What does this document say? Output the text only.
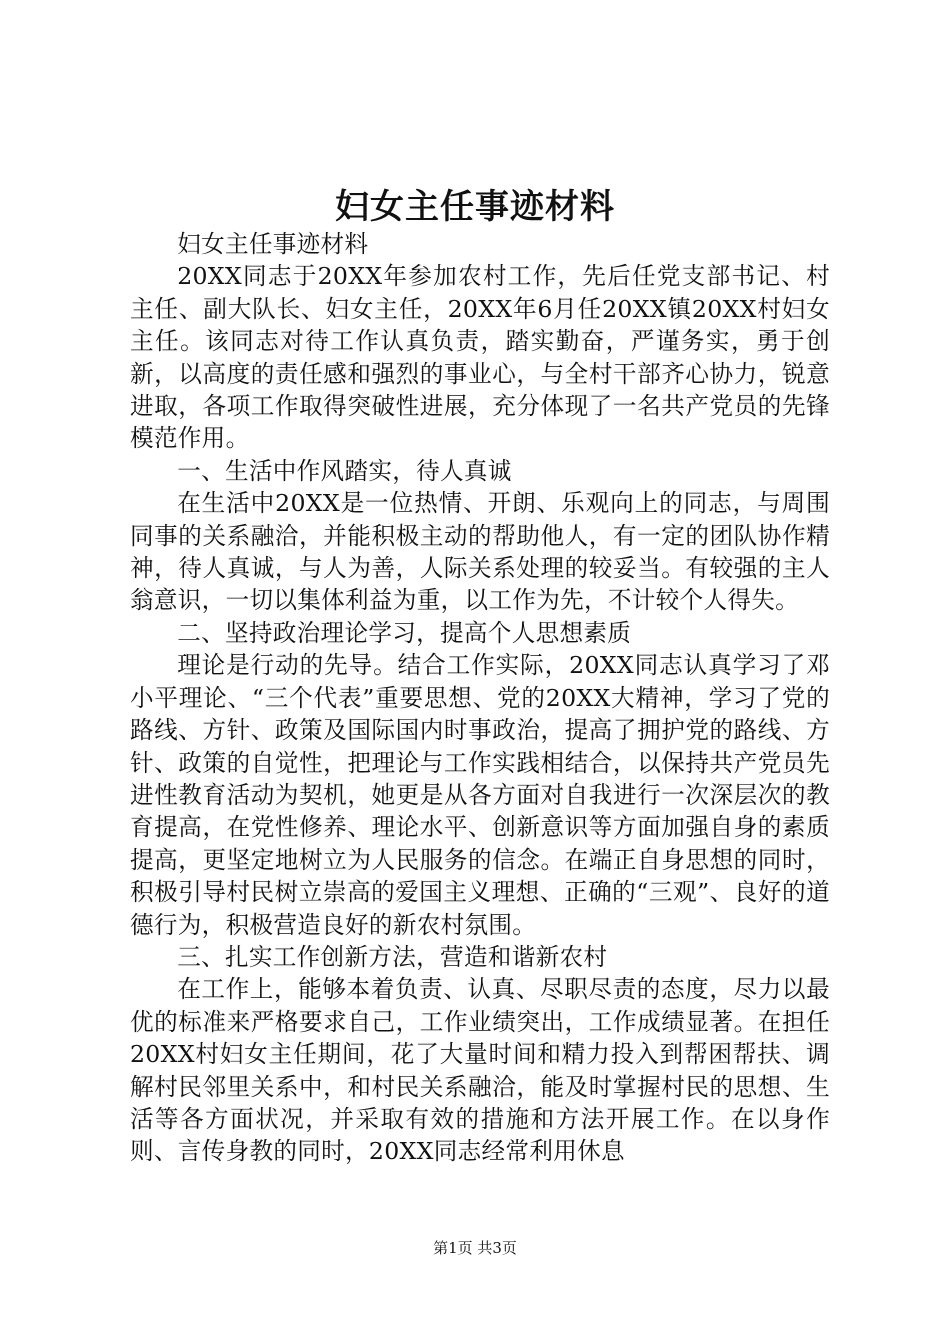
妇女主任事迹材料

妇女主任事迹材料

20XX同志于20XX年参加农村工作，先后任党支部书记、村主任、副大队长、妇女主任，20XX年6月任20XX镇20XX村妇女主任。该同志对待工作认真负责，踏实勤奋，严谨务实，勇于创新，以高度的责任感和强烈的事业心，与全村干部齐心协力，锐意进取，各项工作取得突破性进展，充分体现了一名共产党员的先锋模范作用。

一、生活中作风踏实，待人真诚

在生活中20XX是一位热情、开朗、乐观向上的同志，与周围同事的关系融洽，并能积极主动的帮助他人，有一定的团队协作精神，待人真诚，与人为善，人际关系处理的较妥当。有较强的主人翁意识，一切以集体利益为重，以工作为先，不计较个人得失。

二、坚持政治理论学习，提高个人思想素质

理论是行动的先导。结合工作实际，20XX同志认真学习了邓小平理论、“三个代表”重要思想、党的20XX大精神，学习了党的路线、方针、政策及国际国内时事政治，提高了拥护党的路线、方针、政策的自觉性，把理论与工作实践相结合，以保持共产党员先进性教育活动为契机，她更是从各方面对自我进行一次深层次的教育提高，在党性修养、理论水平、创新意识等方面加强自身的素质提高，更坚定地树立为人民服务的信念。在端正自身思想的同时，积极引导村民树立崇高的爱国主义理想、正确的“三观”、良好的道德行为，积极营造良好的新农村氛围。

三、扎实工作创新方法，营造和谐新农村

在工作上，能够本着负责、认真、尽职尽责的态度，尽力以最优的标准来严格要求自己，工作业绩突出，工作成绩显著。在担任20XX村妇女主任期间，花了大量时间和精力投入到帮困帮扶、调解村民邻里关系中，和村民关系融洽，能及时掌握村民的思想、生活等各方面状况，并采取有效的措施和方法开展工作。在以身作则、言传身教的同时，20XX同志经常利用休息

第1页 共3页
